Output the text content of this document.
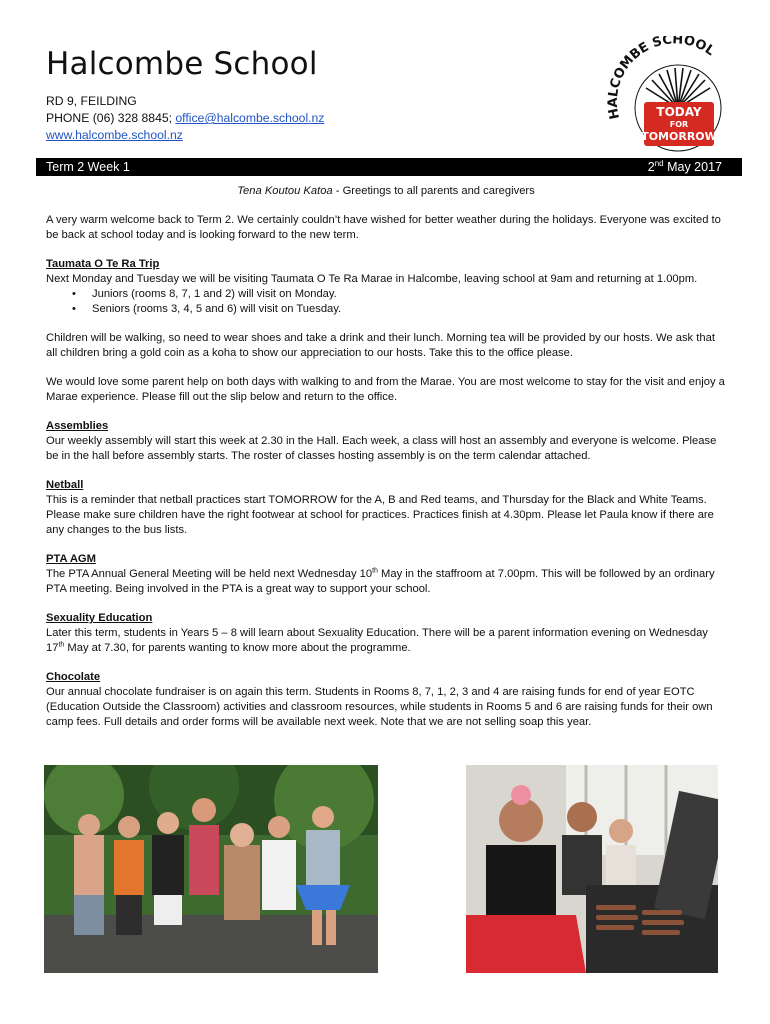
Halcombe School
RD 9, FEILDING
PHONE (06) 328 8845; office@halcombe.school.nz
www.halcombe.school.nz
HALCOMBE SCHOOL
TODAY
FOR
TOMORROW
Term 2 Week 1	2nd May 2017
Tena Koutou Katoa - Greetings to all parents and caregivers

A very warm welcome back to Term 2. We certainly couldn’t have wished for better weather during the holidays. Everyone was excited to be back at school today and is looking forward to the new term.

Taumata O Te Ra Trip
Next Monday and Tuesday we will be visiting Taumata O Te Ra Marae in Halcombe, leaving school at 9am and returning at 1.00pm.
• Juniors (rooms 8, 7, 1 and 2) will visit on Monday.
• Seniors (rooms 3, 4, 5 and 6) will visit on Tuesday.

Children will be walking, so need to wear shoes and take a drink and their lunch. Morning tea will be provided by our hosts. We ask that all children bring a gold coin as a koha to show our appreciation to our hosts. Take this to the office please.

We would love some parent help on both days with walking to and from the Marae. You are most welcome to stay for the visit and enjoy a Marae experience. Please fill out the slip below and return to the office.

Assemblies

Our weekly assembly will start this week at 2.30 in the Hall. Each week, a class will host an assembly and everyone is welcome. Please be in the hall before assembly starts. The roster of classes hosting assembly is on the term calendar attached.

Netball

This is a reminder that netball practices start TOMORROW for the A, B and Red teams, and Thursday for the Black and White Teams. Please make sure children have the right footwear at school for practices. Practices finish at 4.30pm. Please let Paula know if there are any changes to the bus lists.

PTA AGM

The PTA Annual General Meeting will be held next Wednesday 10th May in the staffroom at 7.00pm. This will be followed by an ordinary PTA meeting. Being involved in the PTA is a great way to support your school.

Sexuality Education

Later this term, students in Years 5 – 8 will learn about Sexuality Education. There will be a parent information evening on Wednesday 17th May at 7.30, for parents wanting to know more about the programme.

Chocolate

Our annual chocolate fundraiser is on again this term. Students in Rooms 8, 7, 1, 2, 3 and 4 are raising funds for end of year EOTC (Education Outside the Classroom) activities and classroom resources, while students in Rooms 5 and 6 are raising funds for their own camp fees. Full details and order forms will be available next week. Note that we are not selling soap this year.
